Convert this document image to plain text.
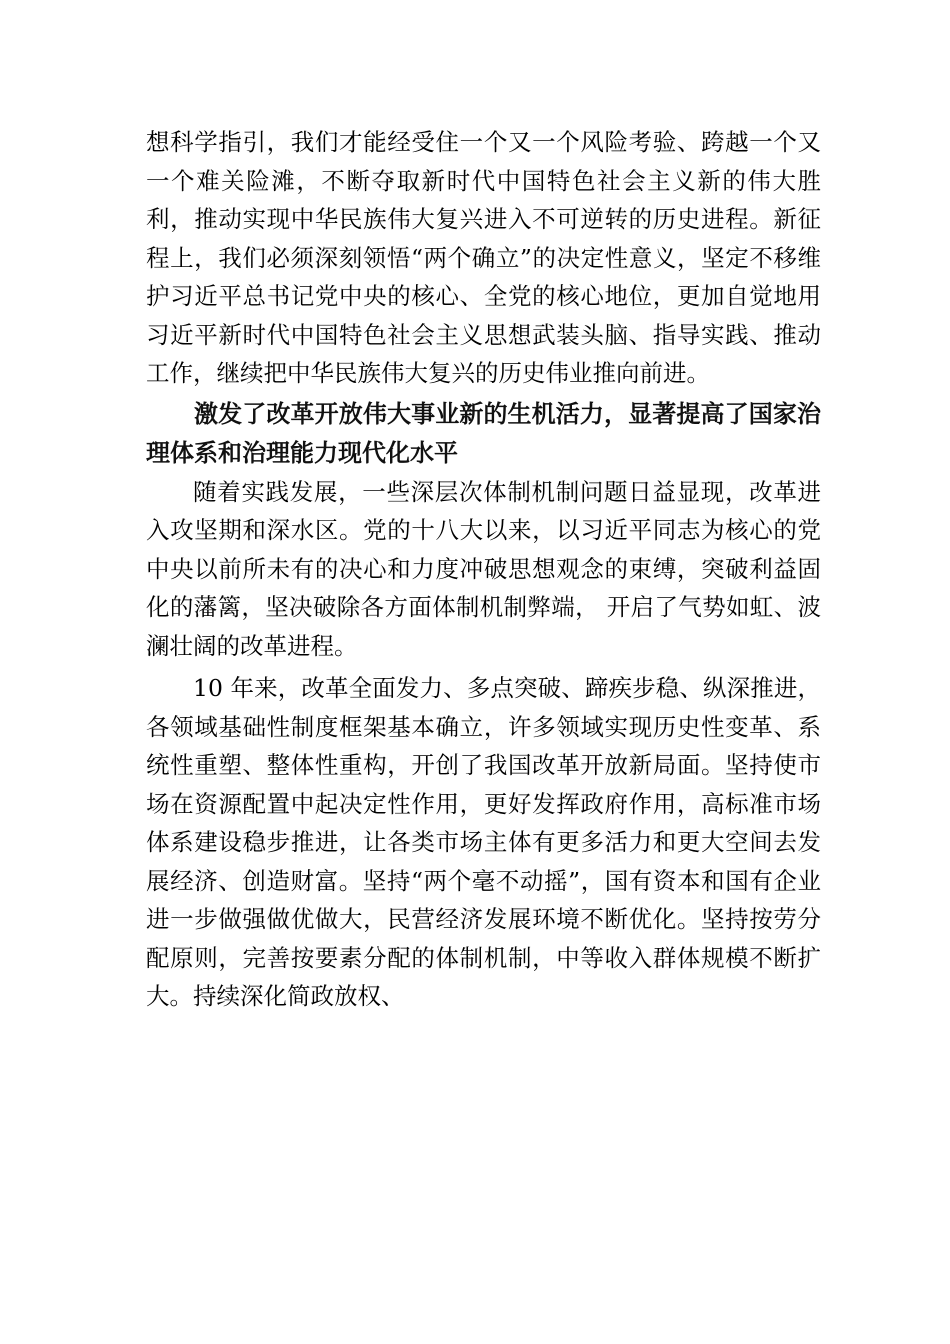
想科学指引，我们才能经受住一个又一个风险考验、跨越一个又一个难关险滩，不断夺取新时代中国特色社会主义新的伟大胜利，推动实现中华民族伟大复兴进入不可逆转的历史进程。新征程上，我们必须深刻领悟“两个确立”的决定性意义，坚定不移维护习近平总书记党中央的核心、全党的核心地位，更加自觉地用习近平新时代中国特色社会主义思想武装头脑、指导实践、推动工作，继续把中华民族伟大复兴的历史伟业推向前进。

激发了改革开放伟大事业新的生机活力，显著提高了国家治理体系和治理能力现代化水平

随着实践发展，一些深层次体制机制问题日益显现，改革进入攻坚期和深水区。党的十八大以来，以习近平同志为核心的党中央以前所未有的决心和力度冲破思想观念的束缚，突破利益固化的藩篱，坚决破除各方面体制机制弊端， 开启了气势如虹、波澜壮阔的改革进程。

10 年来，改革全面发力、多点突破、蹄疾步稳、纵深推进，各领域基础性制度框架基本确立，许多领域实现历史性变革、系统性重塑、整体性重构，开创了我国改革开放新局面。坚持使市场在资源配置中起决定性作用，更好发挥政府作用，高标准市场体系建设稳步推进，让各类市场主体有更多活力和更大空间去发展经济、创造财富。坚持“两个毫不动摇”，国有资本和国有企业进一步做强做优做大，民营经济发展环境不断优化。坚持按劳分配原则，完善按要素分配的体制机制，中等收入群体规模不断扩大。持续深化简政放权、
